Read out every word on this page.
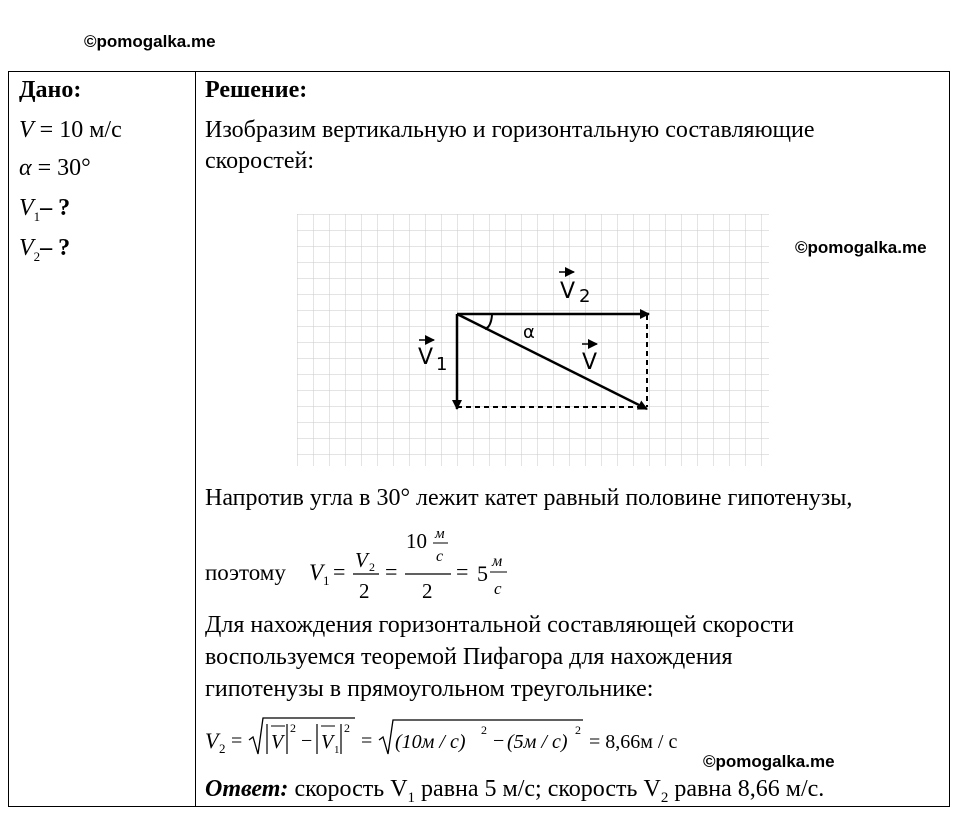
©pomogalka.me
Дано:
V = 10 м/с
α = 30°
$V_1-$ ?
$V_2-$ ?
Решение:
Изобразим вертикальную и горизонтальную составляющие
скоростей:
V 2
V 1	V
α
Напротив угла в 30° лежит катет равный половине гипотенузы,
поэтому V 1 = V 2
2
=
10 м
с
2
= 5 м
с
Для нахождения горизонтальной составляющей скорости
воспользуемся теоремой Пифагора для нахождения
гипотенузы в прямоугольном треугольнике:
V 2 = V
2
− V 1
2
= (10м / с)
2 − (5м / с)
2
= 8,66м / с
Ответ: скорость $V_1$ равна 5 м/с; скорость $V_2$ равна 8,66 м/с.
©pomogalka.me
©pomogalka.me
